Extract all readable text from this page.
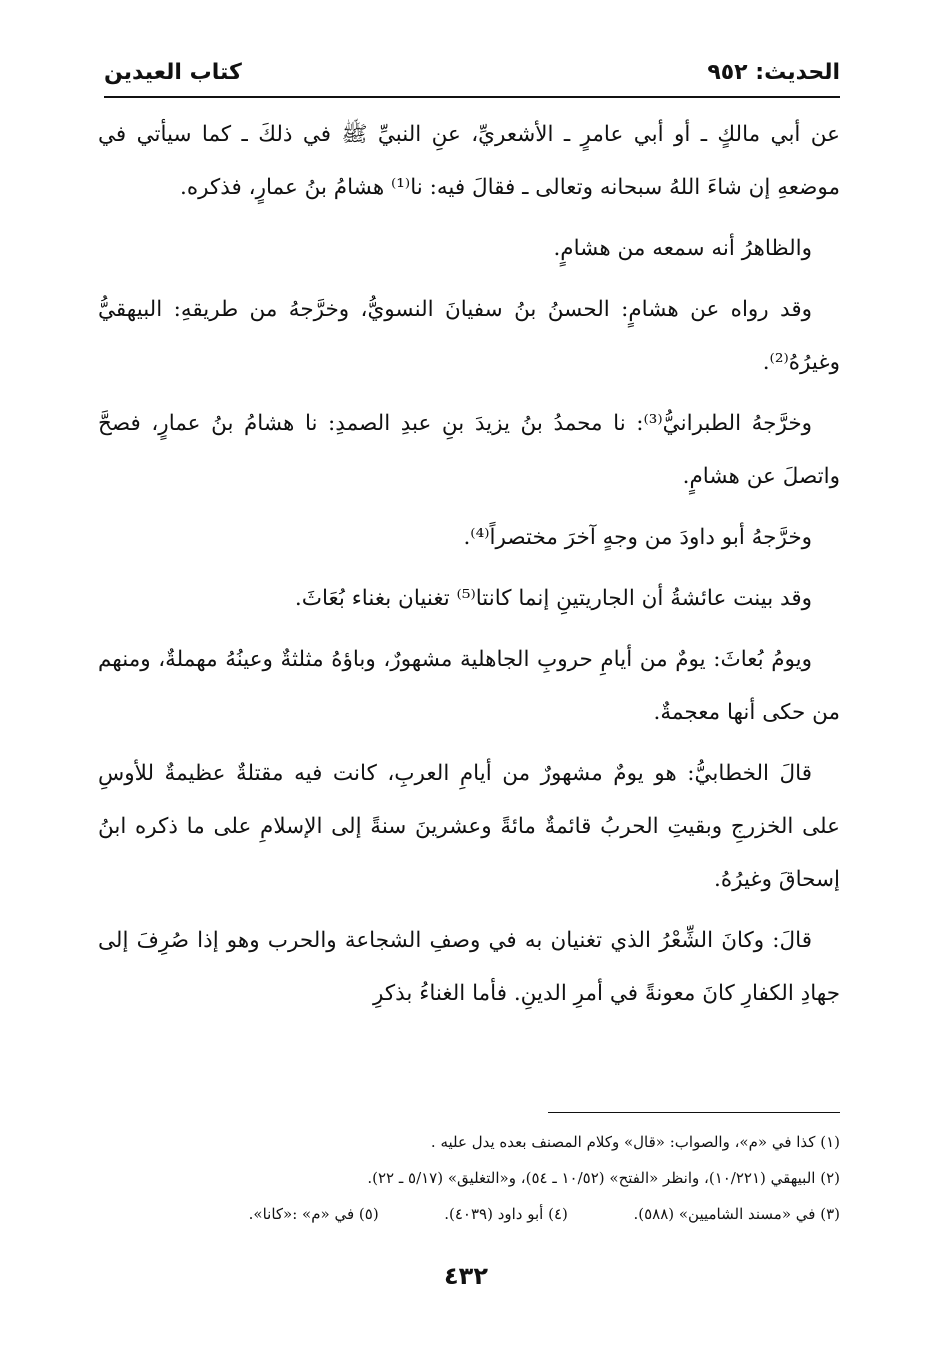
الحديث: ٩٥٢
كتاب العيدين

عن أبي مالكٍ ـ أو أبي عامرٍ ـ الأشعريِّ، عنِ النبيِّ ﷺ في ذلكَ ـ كما سيأتي في موضعهِ إن شاءَ اللهُ سبحانه وتعالى ـ فقالَ فيه: نا⁽¹⁾ هشامُ بنُ عمارٍ، فذكره.

والظاهرُ أنه سمعه من هشامٍ.

وقد رواه عن هشامٍ: الحسنُ بنُ سفيانَ النسويُّ، وخرَّجهُ من طريقهِ: البيهقيُّ وغيرُهُ⁽²⁾.

وخرَّجهُ الطبرانيُّ⁽³⁾: نا محمدُ بنُ يزيدَ بنِ عبدِ الصمدِ: نا هشامُ بنُ عمارٍ، فصحَّ واتصلَ عن هشامٍ.

وخرَّجهُ أبو داودَ من وجهٍ آخرَ مختصراً⁽⁴⁾.

وقد بينت عائشةُ أن الجاريتينِ إنما كانتا⁽⁵⁾ تغنيان بغناء بُعَاثَ.

ويومُ بُعاثَ: يومٌ من أيامِ حروبِ الجاهلية مشهورٌ، وباؤهُ مثلثةٌ وعينُهُ مهملةٌ، ومنهم من حكى أنها معجمةٌ.

قالَ الخطابيُّ: هو يومٌ مشهورٌ من أيامِ العربِ، كانت فيه مقتلةٌ عظيمةٌ للأوسِ على الخزرجِ وبقيتِ الحربُ قائمةٌ مائةً وعشرينَ سنةً إلى الإسلامِ على ما ذكره ابنُ إسحاقَ وغيرُهُ.

قالَ: وكانَ الشِّعْرُ الذي تغنيان به في وصفِ الشجاعة والحرب وهو إذا صُرِفَ إلى جهادِ الكفارِ كانَ معونةً في أمرِ الدينِ. فأما الغناءُ بذكرِ

(١) كذا في «م»، والصواب: «قال» وكلام المصنف بعده يدل عليه .
(٢) البيهقي (١٠/٢٢١)، وانظر «الفتح» (١٠/٥٢ ـ ٥٤)، و«التغليق» (٥/١٧ ـ ٢٢).
(٣) في «مسند الشاميين» (٥٨٨).  (٤) أبو داود (٤٠٣٩).  (٥) في «م» :«كانا».
٤٣٢
